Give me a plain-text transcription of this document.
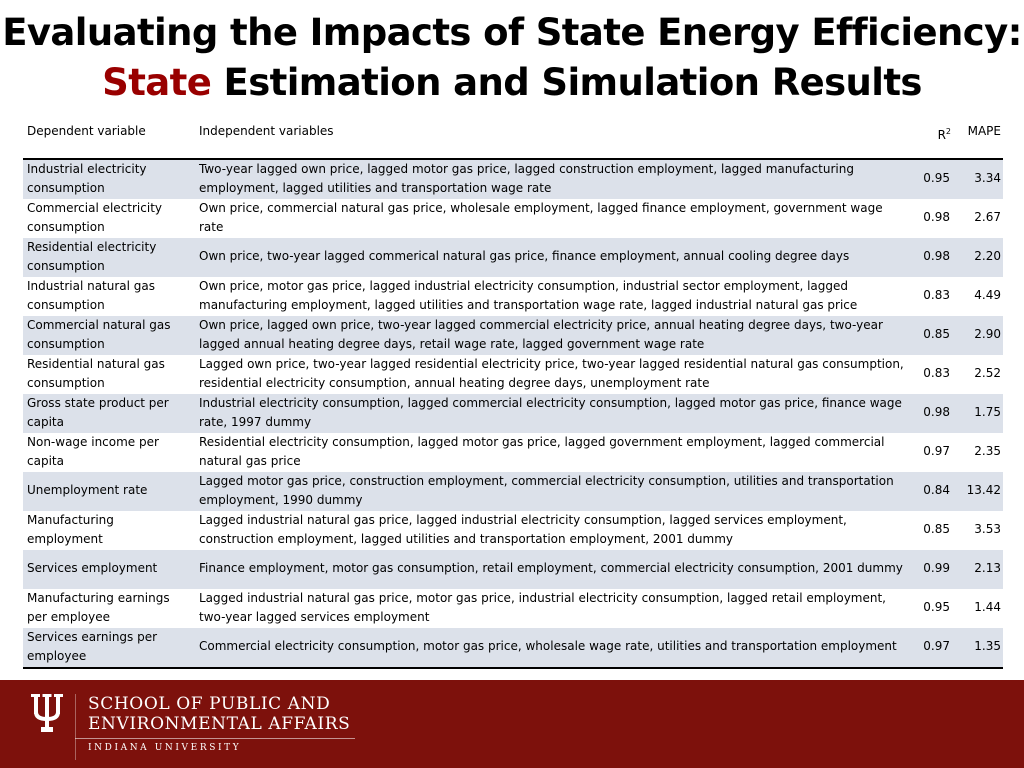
Evaluating the Impacts of State Energy Efficiency:
State Estimation and Simulation Results
Dependent variable	Independent variables	$R^2$	MAPE
Industrial electricity consumption	Two-year lagged own price, lagged motor gas price, lagged construction employment, lagged manufacturing employment, lagged utilities and transportation wage rate	0.95	3.34
Commercial electricity consumption	Own price, commercial natural gas price, wholesale employment, lagged finance employment, government wage rate	0.98	2.67
Residential electricity consumption	Own price, two-year lagged commerical natural gas price, finance employment, annual cooling degree days	0.98	2.20
Industrial natural gas consumption	Own price, motor gas price, lagged industrial electricity consumption, industrial sector employment, lagged manufacturing employment, lagged utilities and transportation wage rate, lagged industrial natural gas price	0.83	4.49
Commercial natural gas consumption	Own price, lagged own price, two-year lagged commercial electricity price, annual heating degree days, two-year lagged annual heating degree days, retail wage rate, lagged government wage rate	0.85	2.90
Residential natural gas consumption	Lagged own price, two-year lagged residential electricity price, two-year lagged residential natural gas consumption, residential electricity consumption, annual heating degree days, unemployment rate	0.83	2.52
Gross state product per capita	Industrial electricity consumption, lagged commercial electricity consumption, lagged motor gas price, finance wage rate, 1997 dummy	0.98	1.75
Non-wage income per capita	Residential electricity consumption, lagged motor gas price, lagged government employment, lagged commercial natural gas price	0.97	2.35
Unemployment rate	Lagged motor gas price, construction employment, commercial electricity consumption, utilities and transportation employment, 1990 dummy	0.84	13.42
Manufacturing employment	Lagged industrial natural gas price, lagged industrial electricity consumption, lagged services employment, construction employment, lagged utilities and transportation employment, 2001 dummy	0.85	3.53
Services employment	Finance employment, motor gas consumption, retail employment, commercial electricity consumption, 2001 dummy	0.99	2.13
Manufacturing earnings per employee	Lagged industrial natural gas price, motor gas price, industrial electricity consumption, lagged retail employment, two-year lagged services employment	0.95	1.44
Services earnings per employee	Commercial electricity consumption, motor gas price, wholesale wage rate, utilities and transportation employment	0.97	1.35
SCHOOL OF PUBLIC AND
ENVIRONMENTAL AFFAIRS
INDIANA UNIVERSITY
